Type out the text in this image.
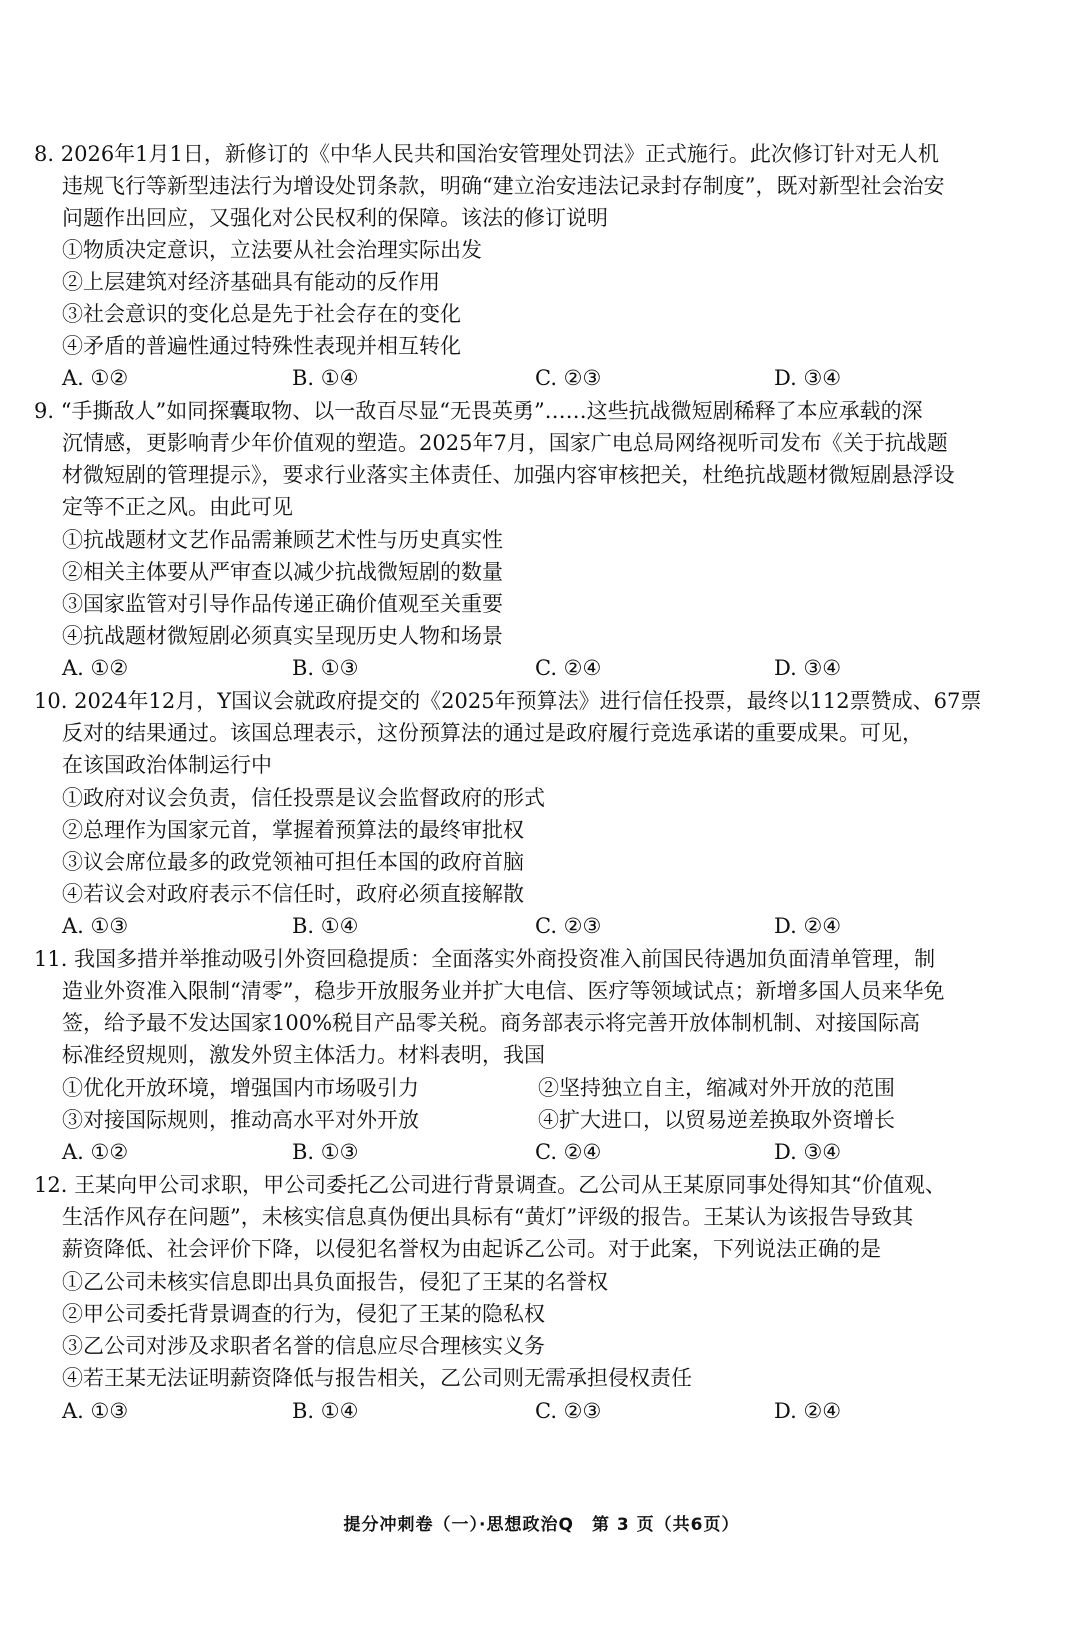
8. 2026年1月1日，新修订的《中华人民共和国治安管理处罚法》正式施行。此次修订针对无人机
违规飞行等新型违法行为增设处罚条款，明确“建立治安违法记录封存制度”，既对新型社会治安
问题作出回应，又强化对公民权利的保障。该法的修订说明
①物质决定意识，立法要从社会治理实际出发
②上层建筑对经济基础具有能动的反作用
③社会意识的变化总是先于社会存在的变化
④矛盾的普遍性通过特殊性表现并相互转化
A. ①②	B. ①④	C. ②③	D. ③④
9. “手撕敌人”如同探囊取物、以一敌百尽显“无畏英勇”……这些抗战微短剧稀释了本应承载的深
沉情感，更影响青少年价值观的塑造。2025年7月，国家广电总局网络视听司发布《关于抗战题
材微短剧的管理提示》，要求行业落实主体责任、加强内容审核把关，杜绝抗战题材微短剧悬浮设
定等不正之风。由此可见
①抗战题材文艺作品需兼顾艺术性与历史真实性
②相关主体要从严审查以减少抗战微短剧的数量
③国家监管对引导作品传递正确价值观至关重要
④抗战题材微短剧必须真实呈现历史人物和场景
A. ①②	B. ①③	C. ②④	D. ③④
10. 2024年12月，Y国议会就政府提交的《2025年预算法》进行信任投票，最终以112票赞成、67票
反对的结果通过。该国总理表示，这份预算法的通过是政府履行竞选承诺的重要成果。可见，
在该国政治体制运行中
①政府对议会负责，信任投票是议会监督政府的形式
②总理作为国家元首，掌握着预算法的最终审批权
③议会席位最多的政党领袖可担任本国的政府首脑
④若议会对政府表示不信任时，政府必须直接解散
A. ①③	B. ①④	C. ②③	D. ②④
11. 我国多措并举推动吸引外资回稳提质：全面落实外商投资准入前国民待遇加负面清单管理，制
造业外资准入限制“清零”，稳步开放服务业并扩大电信、医疗等领域试点；新增多国人员来华免
签，给予最不发达国家100%税目产品零关税。商务部表示将完善开放体制机制、对接国际高
标准经贸规则，激发外贸主体活力。材料表明，我国
①优化开放环境，增强国内市场吸引力	②坚持独立自主，缩减对外开放的范围
③对接国际规则，推动高水平对外开放	④扩大进口，以贸易逆差换取外资增长
A. ①②	B. ①③	C. ②④	D. ③④
12. 王某向甲公司求职，甲公司委托乙公司进行背景调查。乙公司从王某原同事处得知其“价值观、
生活作风存在问题”，未核实信息真伪便出具标有“黄灯”评级的报告。王某认为该报告导致其
薪资降低、社会评价下降，以侵犯名誉权为由起诉乙公司。对于此案，下列说法正确的是
①乙公司未核实信息即出具负面报告，侵犯了王某的名誉权
②甲公司委托背景调查的行为，侵犯了王某的隐私权
③乙公司对涉及求职者名誉的信息应尽合理核实义务
④若王某无法证明薪资降低与报告相关，乙公司则无需承担侵权责任
A. ①③	B. ①④	C. ②③	D. ②④
提分冲刺卷（一）·思想政治Q　第 3 页（共6页）
